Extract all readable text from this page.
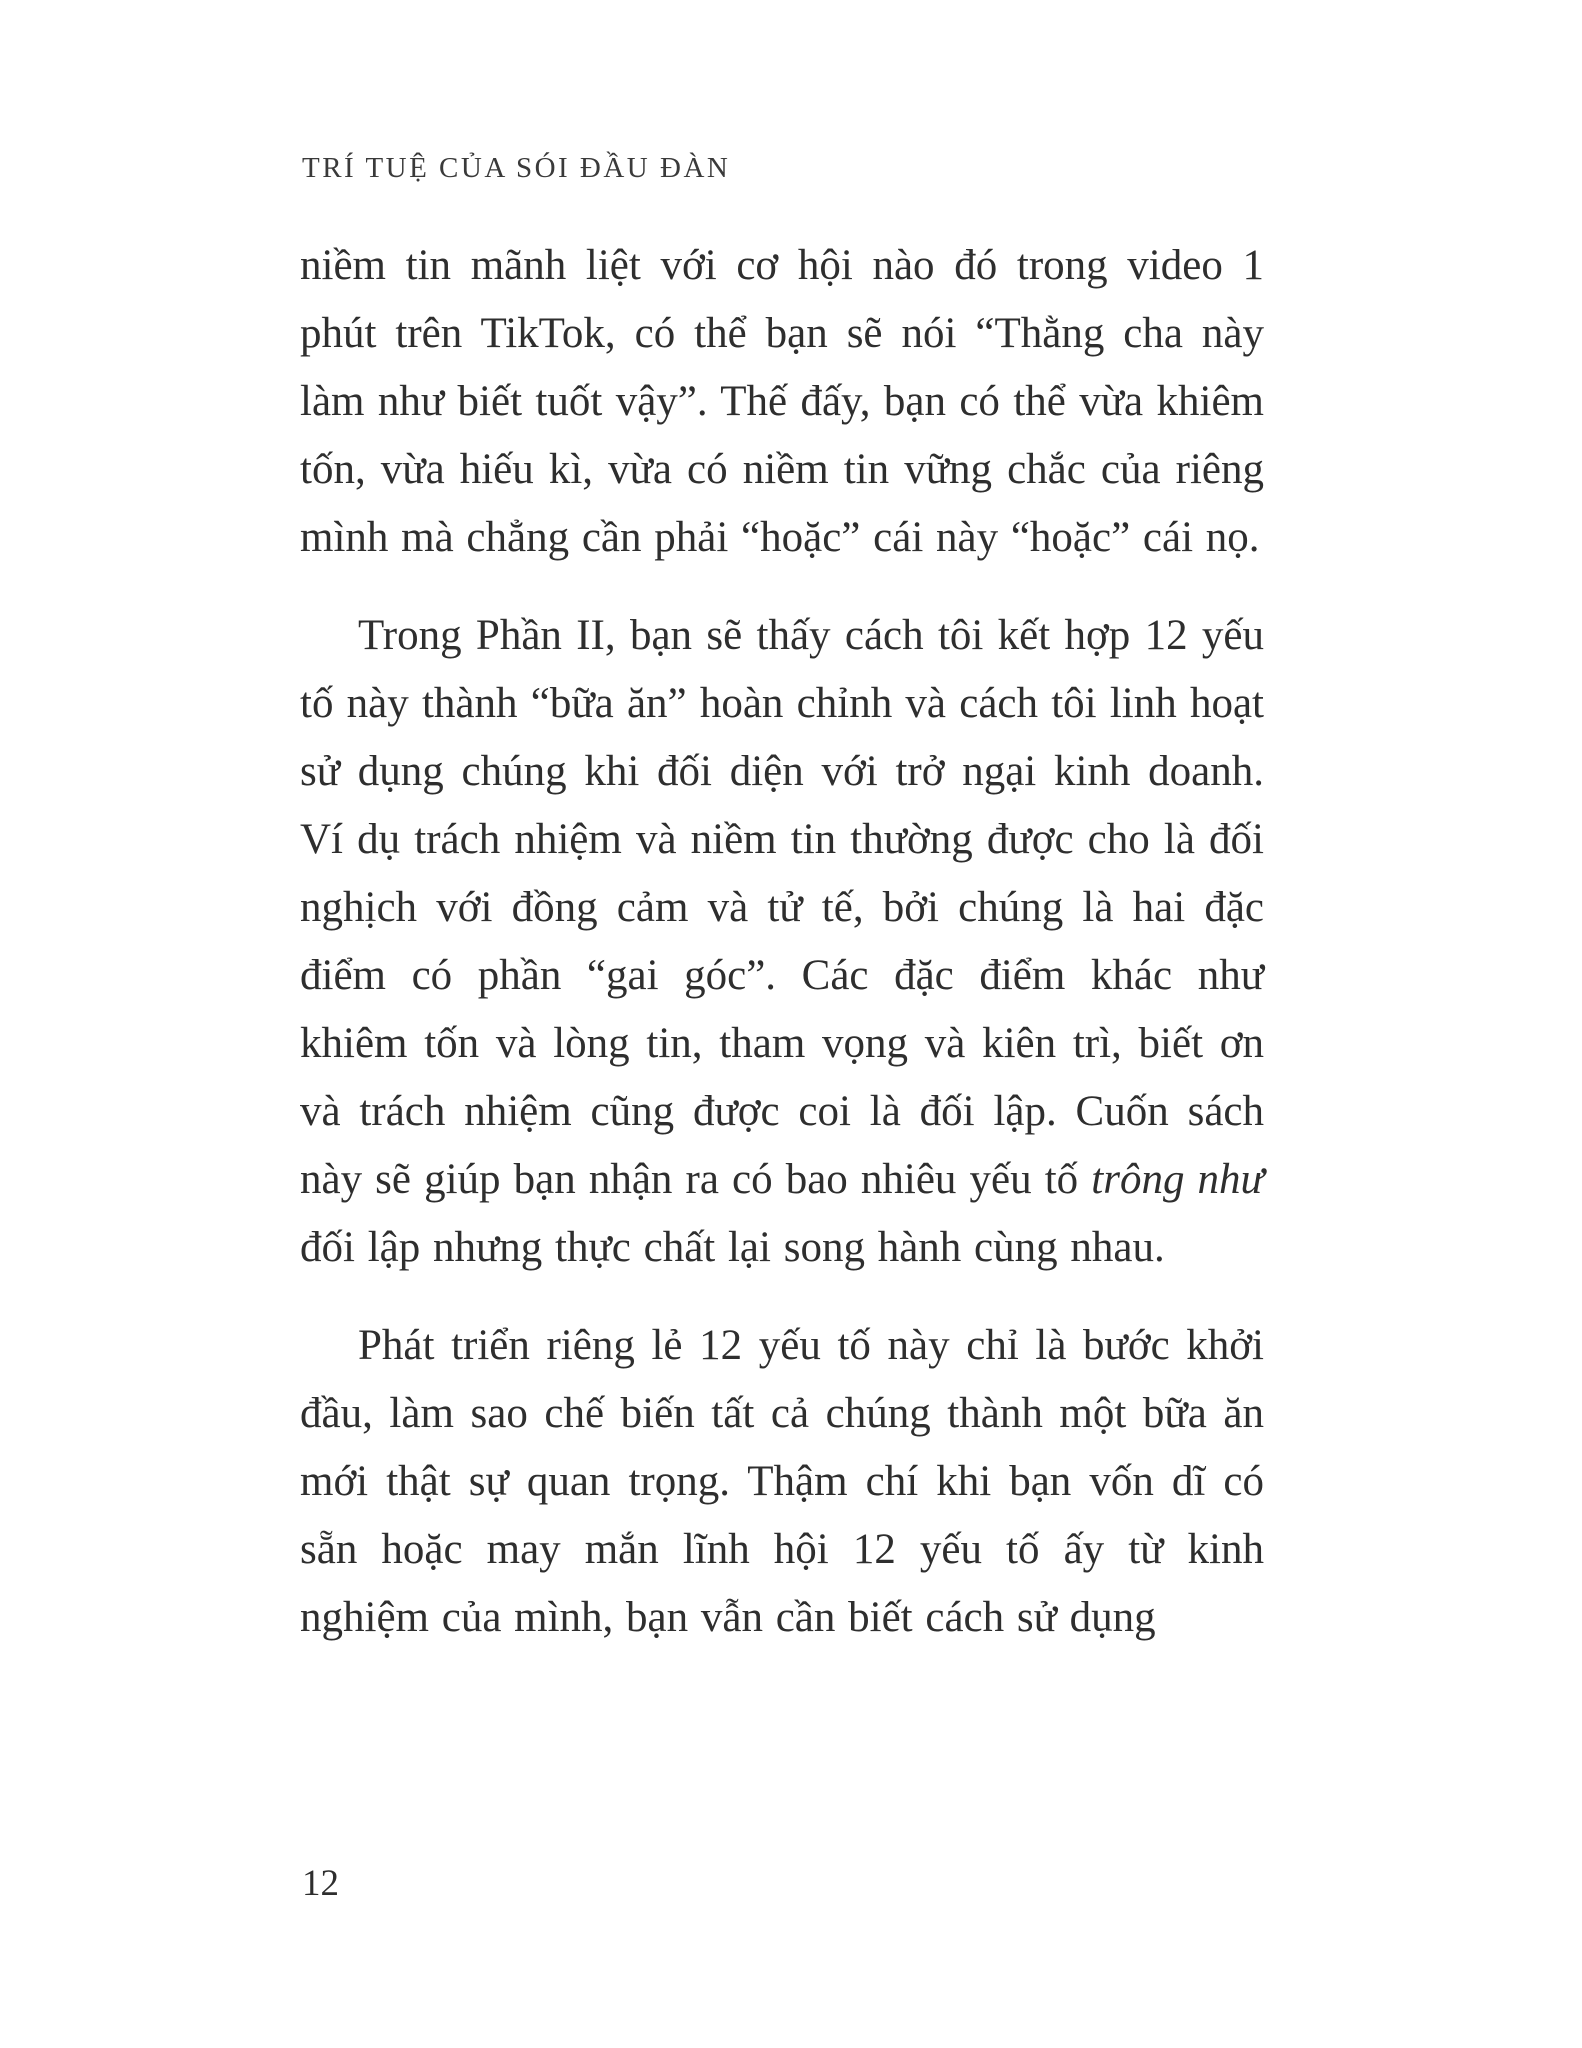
TRÍ TUỆ CỦA SÓI ĐẦU ĐÀN

niềm tin mãnh liệt với cơ hội nào đó trong video 1 phút trên TikTok, có thể bạn sẽ nói “Thằng cha này làm như biết tuốt vậy”. Thế đấy, bạn có thể vừa khiêm tốn, vừa hiếu kì, vừa có niềm tin vững chắc của riêng mình mà chẳng cần phải “hoặc” cái này “hoặc” cái nọ.

Trong Phần II, bạn sẽ thấy cách tôi kết hợp 12 yếu tố này thành “bữa ăn” hoàn chỉnh và cách tôi linh hoạt sử dụng chúng khi đối diện với trở ngại kinh doanh. Ví dụ trách nhiệm và niềm tin thường được cho là đối nghịch với đồng cảm và tử tế, bởi chúng là hai đặc điểm có phần “gai góc”. Các đặc điểm khác như khiêm tốn và lòng tin, tham vọng và kiên trì, biết ơn và trách nhiệm cũng được coi là đối lập. Cuốn sách này sẽ giúp bạn nhận ra có bao nhiêu yếu tố trông như đối lập nhưng thực chất lại song hành cùng nhau.

Phát triển riêng lẻ 12 yếu tố này chỉ là bước khởi đầu, làm sao chế biến tất cả chúng thành một bữa ăn mới thật sự quan trọng. Thậm chí khi bạn vốn dĩ có sẵn hoặc may mắn lĩnh hội 12 yếu tố ấy từ kinh nghiệm của mình, bạn vẫn cần biết cách sử dụng

12
